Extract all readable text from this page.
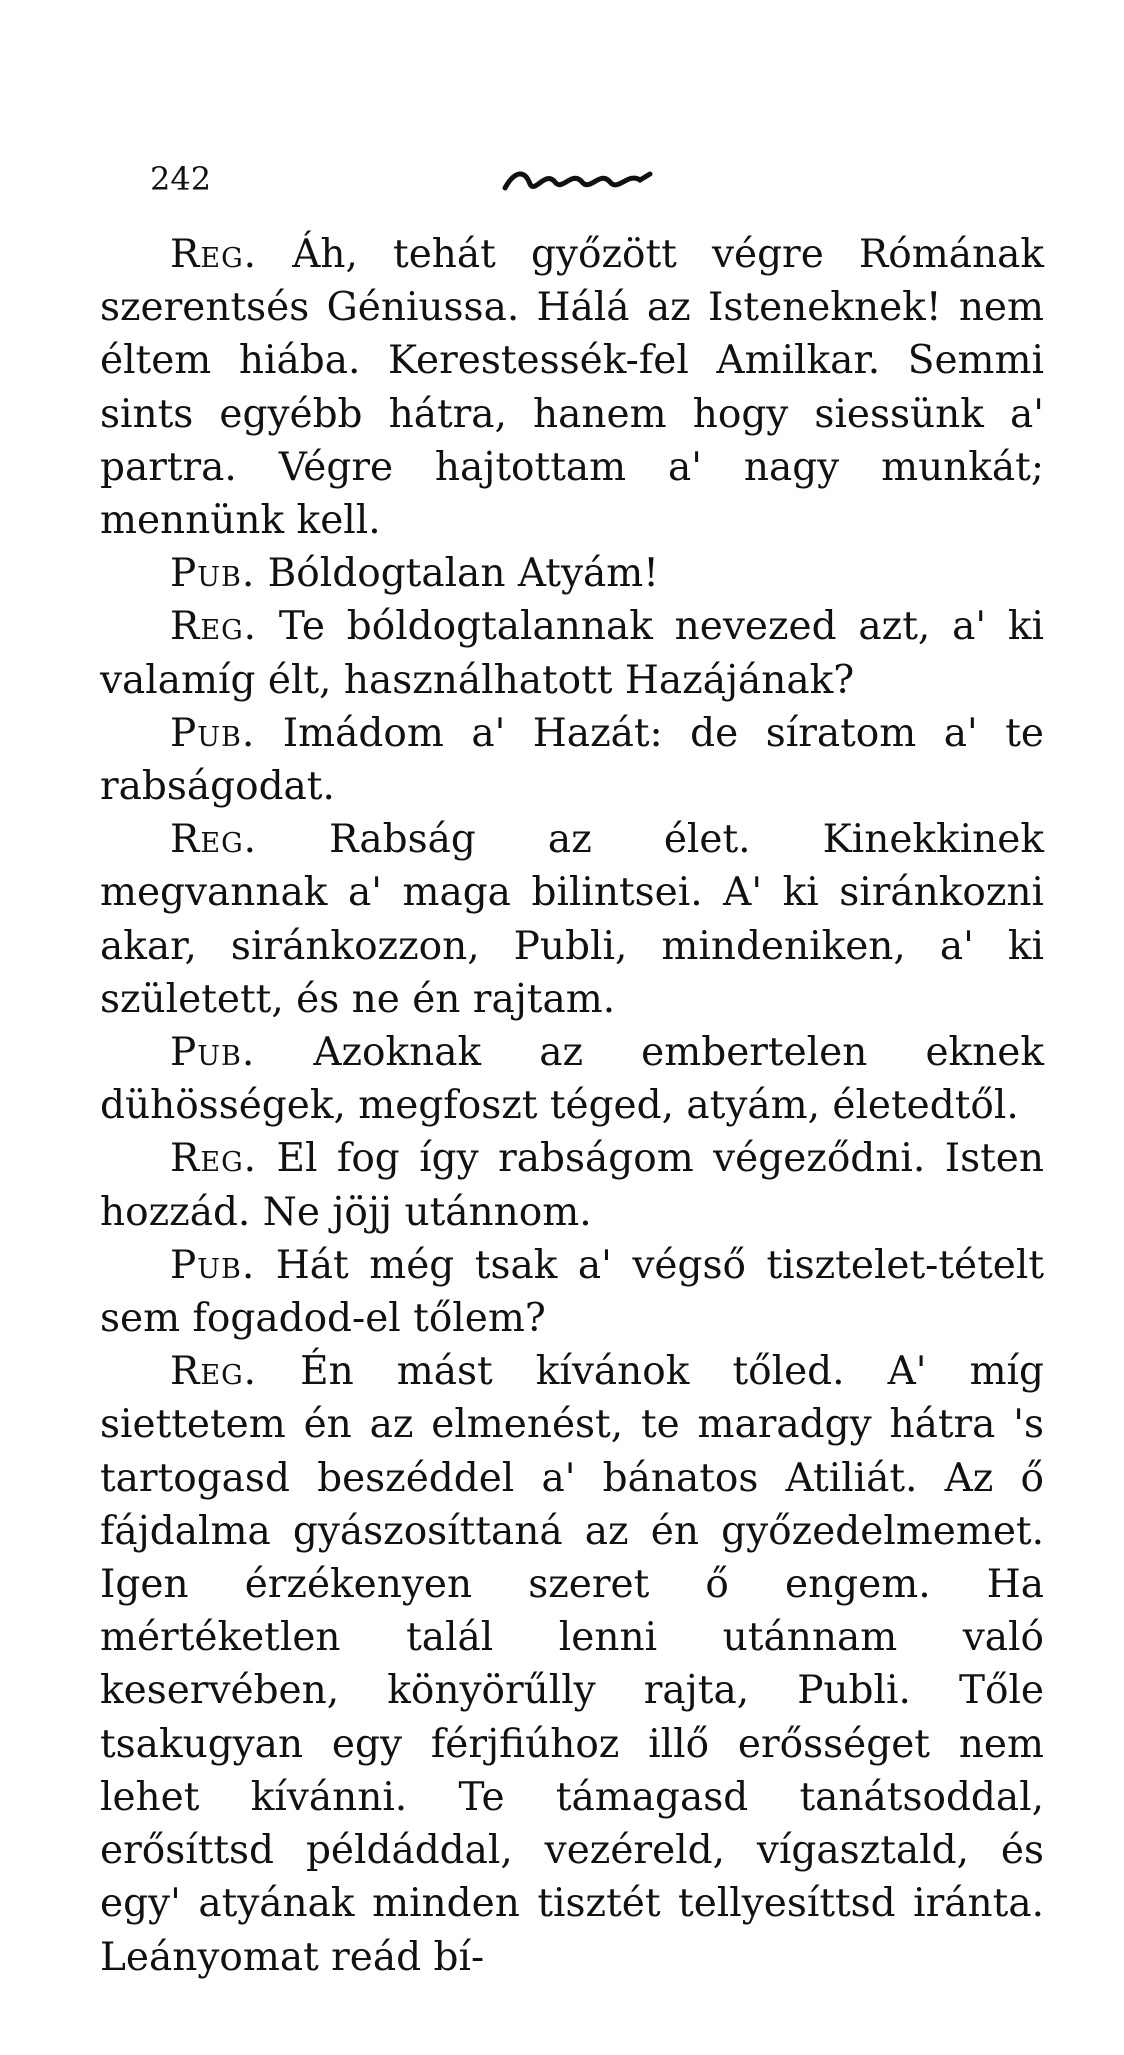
242

Reg. Áh, tehát győzött végre Rómának szerentsés Géniussa. Hálá az Isteneknek! nem éltem hiába. Kerestessék-fel Amilkar. Semmi sints egyébb hátra, hanem hogy siessünk a' partra. Végre hajtottam a' nagy munkát; mennünk kell.

Pub. Bóldogtalan Atyám!

Reg. Te bóldogtalannak nevezed azt, a' ki valamíg élt, használhatott Hazájának?

Pub. Imádom a' Hazát: de síratom a' te rabságodat.

Reg. Rabság az élet. Kinekkinek megvannak a' maga bilintsei. A' ki siránkozni akar, siránkozzon, Publi, mindeniken, a' ki született, és ne én rajtam.

Pub. Azoknak az embertelen eknek dühösségek, megfoszt téged, atyám, életedtől.

Reg. El fog így rabságom végeződni. Isten hozzád. Ne jöjj utánnom.

Pub. Hát még tsak a' végső tisztelet-tételt sem fogadod-el tőlem?

Reg. Én mást kívánok tőled. A' míg siettetem én az elmenést, te maradgy hátra 's tartogasd beszéddel a' bánatos Atiliát. Az ő fájdalma gyászosíttaná az én győzedelmemet. Igen érzékenyen szeret ő engem. Ha mértéketlen talál lenni utánnam való keservében, könyörűlly rajta, Publi. Tőle tsakugyan egy férjfiúhoz illő erősséget nem lehet kívánni. Te támagasd tanátsoddal, erősíttsd példáddal, vezéreld, vígasztald, és egy' atyának minden tisztét tellyesíttsd iránta. Leányomat reád bí-
